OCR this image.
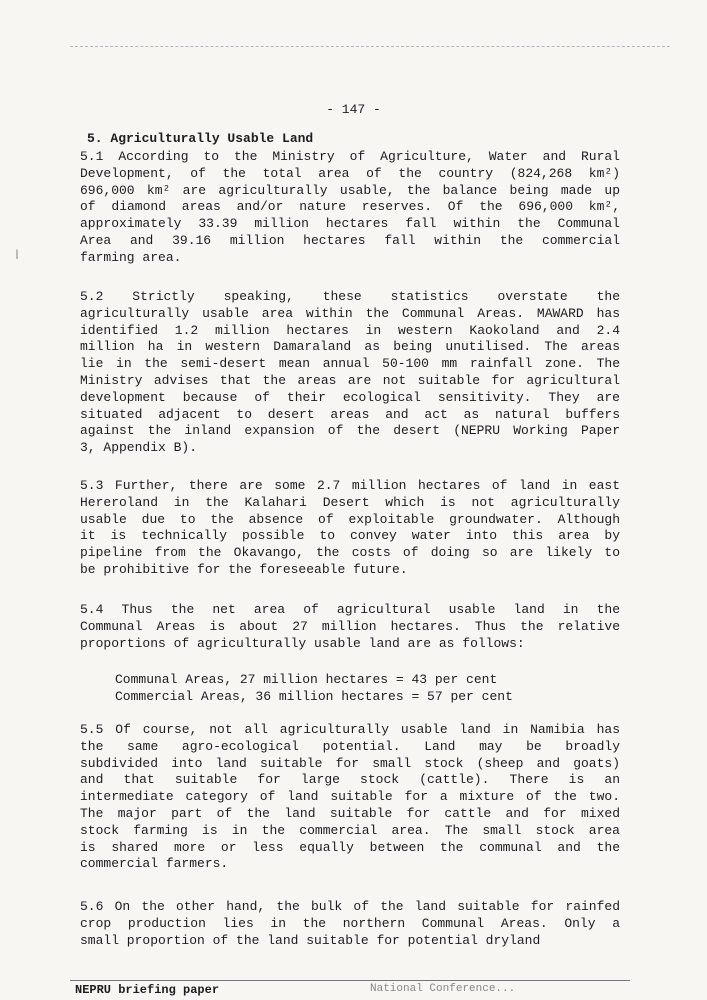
- 147 -
5. Agriculturally Usable Land
5.1 According to the Ministry of Agriculture, Water and Rural
Development, of the total area of the country (824,268 km²)
696,000 km² are agriculturally usable, the balance being made up
of diamond areas and/or nature reserves. Of the 696,000 km²,
approximately 33.39 million hectares fall within the Communal
Area and 39.16 million hectares fall within the commercial
farming area.
5.2 Strictly speaking, these statistics overstate the
agriculturally usable area within the Communal Areas. MAWARD has
identified 1.2 million hectares in western Kaokoland and 2.4
million ha in western Damaraland as being unutilised. The areas
lie in the semi-desert mean annual 50-100 mm rainfall zone. The
Ministry advises that the areas are not suitable for agricultural
development because of their ecological sensitivity. They are
situated adjacent to desert areas and act as natural buffers
against the inland expansion of the desert (NEPRU Working Paper
3, Appendix B).
5.3 Further, there are some 2.7 million hectares of land in east
Hereroland in the Kalahari Desert which is not agriculturally
usable due to the absence of exploitable groundwater. Although
it is technically possible to convey water into this area by
pipeline from the Okavango, the costs of doing so are likely to
be prohibitive for the foreseeable future.
5.4 Thus the net area of agricultural usable land in the
Communal Areas is about 27 million hectares. Thus the relative
proportions of agriculturally usable land are as follows:
Communal Areas, 27 million hectares = 43 per cent
Commercial Areas, 36 million hectares = 57 per cent
5.5 Of course, not all agriculturally usable land in Namibia has
the same agro-ecological potential. Land may be broadly
subdivided into land suitable for small stock (sheep and goats)
and that suitable for large stock (cattle). There is an
intermediate category of land suitable for a mixture of the two.
The major part of the land suitable for cattle and for mixed
stock farming is in the commercial area. The small stock area
is shared more or less equally between the communal and the
commercial farmers.
5.6 On the other hand, the bulk of the land suitable for rainfed
crop production lies in the northern Communal Areas. Only a
small proportion of the land suitable for potential dryland
|
NEPRU briefing paper	National Conference...
